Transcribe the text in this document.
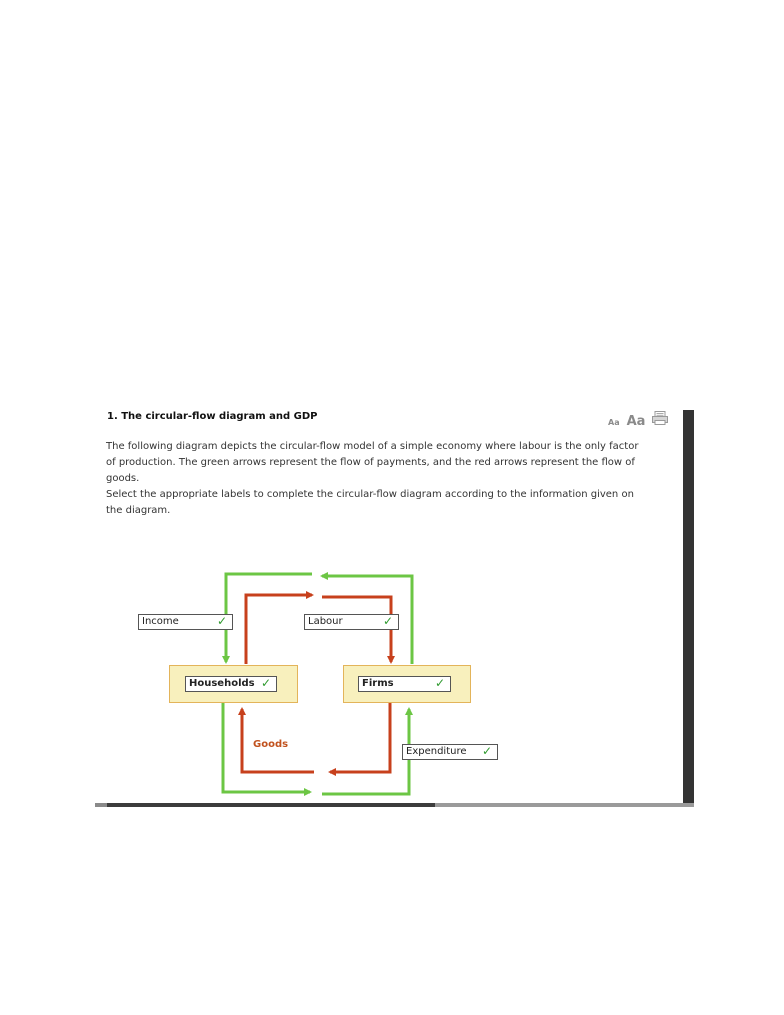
1. The circular-flow diagram and GDP
Aa Aa
The following diagram depicts the circular-flow model of a simple economy where labour is the only factor of production. The green arrows represent the flow of payments, and the red arrows represent the flow of goods.
Select the appropriate labels to complete the circular-flow diagram according to the information given on the diagram.
Households ✓	Firms	✓
Income	✓	Labour	✓
Expenditure ✓
Goods
